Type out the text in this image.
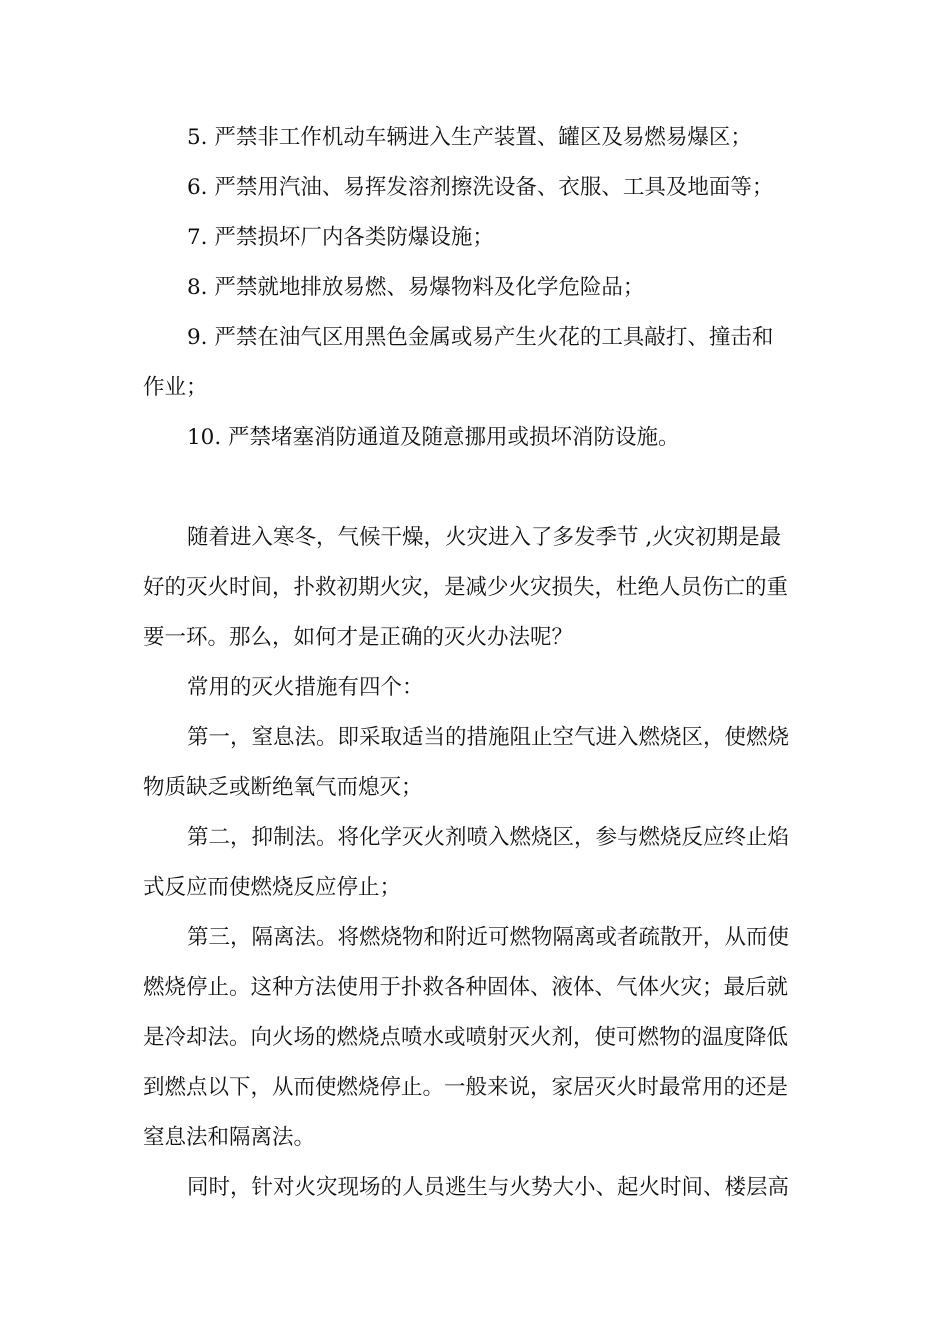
5. 严禁非工作机动车辆进入生产装置、罐区及易燃易爆区；

6. 严禁用汽油、易挥发溶剂擦洗设备、衣服、工具及地面等；

7. 严禁损坏厂内各类防爆设施；

8. 严禁就地排放易燃、易爆物料及化学危险品；

9. 严禁在油气区用黑色金属或易产生火花的工具敲打、撞击和

作业；

10. 严禁堵塞消防通道及随意挪用或损坏消防设施。

随着进入寒冬，气候干燥，火灾进入了多发季节 ,火灾初期是最

好的灭火时间，扑救初期火灾，是减少火灾损失，杜绝人员伤亡的重

要一环。那么，如何才是正确的灭火办法呢？

常用的灭火措施有四个：

第一，窒息法。即采取适当的措施阻止空气进入燃烧区，使燃烧

物质缺乏或断绝氧气而熄灭；

第二，抑制法。将化学灭火剂喷入燃烧区，参与燃烧反应终止焰

式反应而使燃烧反应停止；

第三，隔离法。将燃烧物和附近可燃物隔离或者疏散开，从而使

燃烧停止。这种方法使用于扑救各种固体、液体、气体火灾；最后就

是冷却法。向火场的燃烧点喷水或喷射灭火剂，使可燃物的温度降低

到燃点以下，从而使燃烧停止。一般来说，家居灭火时最常用的还是

窒息法和隔离法。

同时，针对火灾现场的人员逃生与火势大小、起火时间、楼层高
